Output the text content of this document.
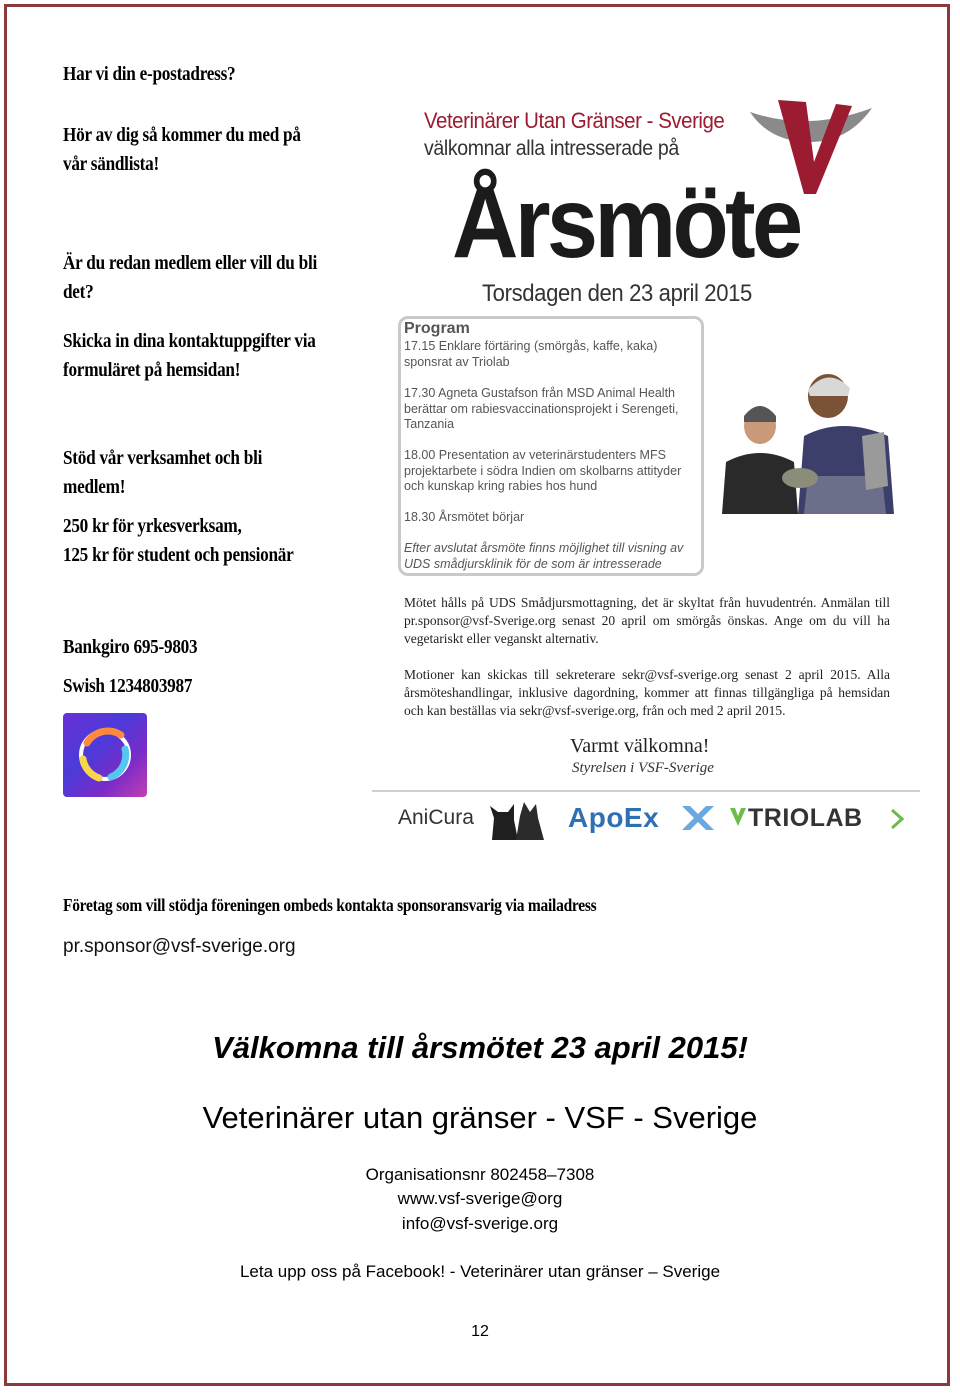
Har vi din e-postadress?
Hör av dig så kommer du med på
vår sändlista!
Är du redan medlem eller vill du bli
det?
Skicka in dina kontaktuppgifter via
formuläret på hemsidan!
Stöd vår verksamhet och bli
medlem!
250 kr för yrkesverksam,
125 kr för student och pensionär
Bankgiro 695-9803
Swish 1234803987
Veterinärer Utan Gränser - Sverige
välkomnar alla intresserade på
Årsmöte
Torsdagen den 23 april 2015
Program
17.15 Enklare förtäring (smörgås, kaffe, kaka) sponsrat av Triolab
17.30 Agneta Gustafson från MSD Animal Health berättar om rabiesvaccinationsprojekt i Serengeti, Tanzania
18.00 Presentation av veterinärstudenters MFS projektarbete i södra Indien om skolbarns attityder och kunskap kring rabies hos hund
18.30 Årsmötet börjar
Efter avslutat årsmöte finns möjlighet till visning av UDS smådjursklinik för de som är intresserade
Mötet hålls på UDS Smådjursmottagning, det är skyltat från huvudentrén. Anmälan till pr.sponsor@vsf-Sverige.org senast 20 april om smörgås önskas. Ange om du vill ha vegetariskt eller veganskt alternativ.
Motioner kan skickas till sekreterare sekr@vsf-sverige.org senast 2 april 2015. Alla årsmöteshandlingar, inklusive dagordning, kommer att finnas tillgängliga på hemsidan och kan beställas via sekr@vsf-sverige.org, från och med 2 april 2015.
Varmt välkomna!
Styrelsen i VSF-Sverige
AniCura	ApoEx	TRIOLAB
Företag som vill stödja föreningen ombeds kontakta sponsoransvarig via mailadress
pr.sponsor@vsf-sverige.org
Välkomna till årsmötet 23 april 2015!
Veterinärer utan gränser - VSF - Sverige
Organisationsnr 802458–7308
www.vsf-sverige@org
info@vsf-sverige.org
Leta upp oss på Facebook! - Veterinärer utan gränser – Sverige
12
